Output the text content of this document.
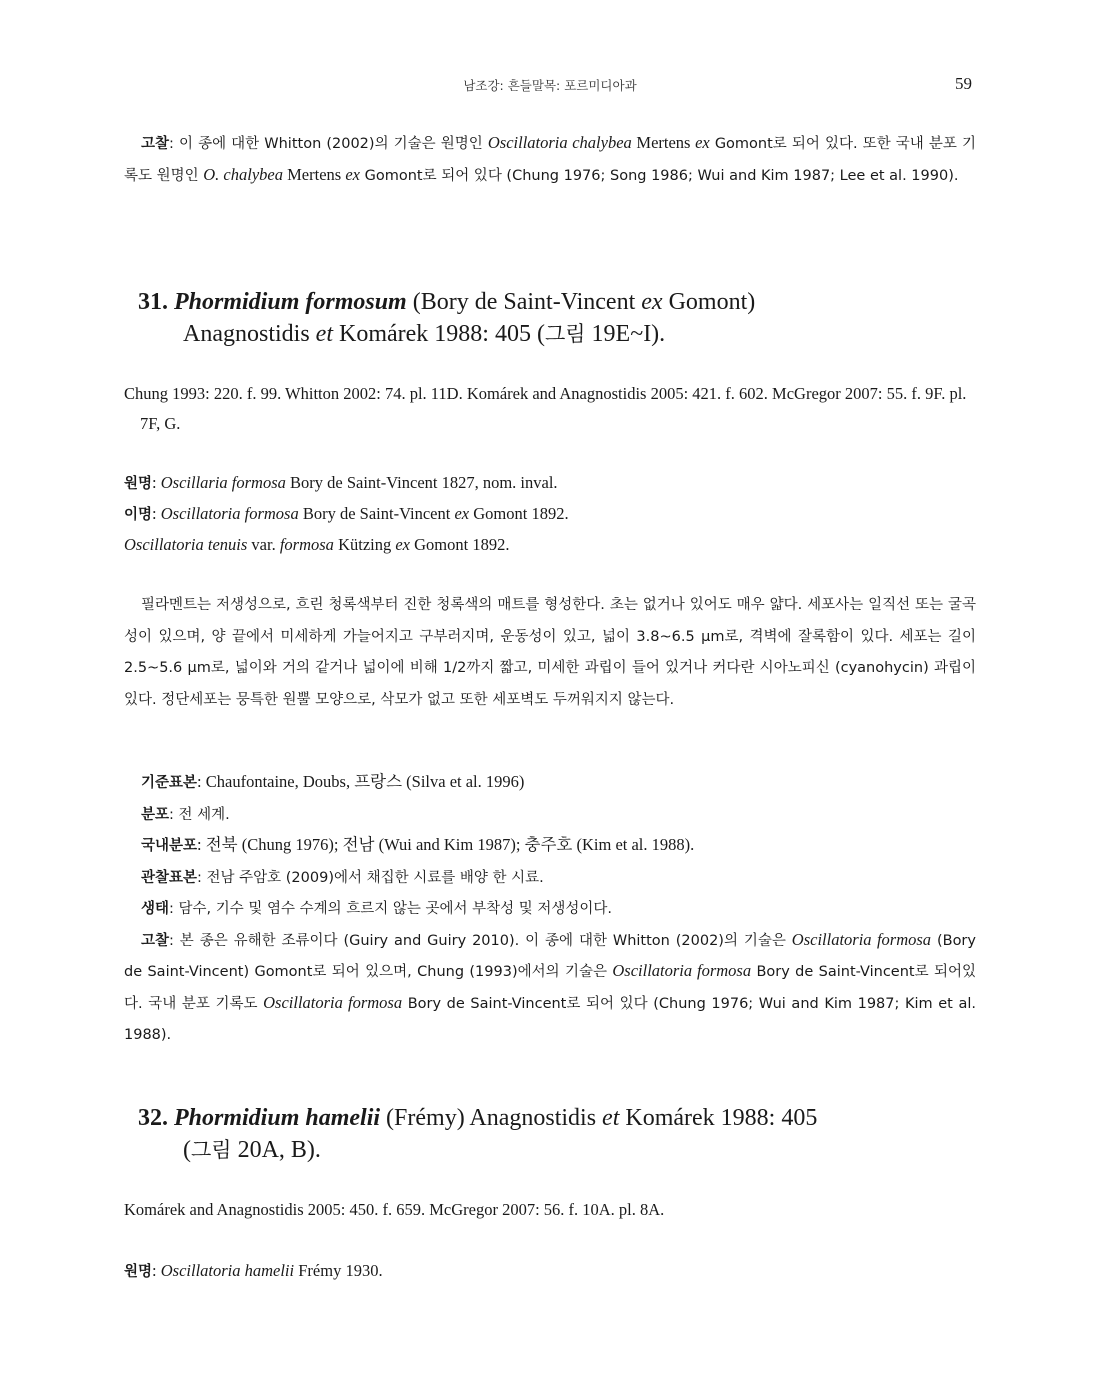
남조강: 흔들말목: 포르미디아과	59
고찰: 이 종에 대한 Whitton (2002)의 기술은 원명인 Oscillatoria chalybea Mertens ex Gomont로 되어 있다. 또한 국내 분포 기록도 원명인 O. chalybea Mertens ex Gomont로 되어 있다 (Chung 1976; Song 1986; Wui and Kim 1987; Lee et al. 1990).
31. Phormidium formosum (Bory de Saint-Vincent ex Gomont)
Anagnostidis et Komárek 1988: 405 (그림 19E~I).
Chung 1993: 220. f. 99. Whitton 2002: 74. pl. 11D. Komárek and Anagnostidis 2005: 421. f. 602. McGregor 2007: 55. f. 9F. pl. 7F, G.
원명: Oscillaria formosa Bory de Saint-Vincent 1827, nom. inval.
이명: Oscillatoria formosa Bory de Saint-Vincent ex Gomont 1892.
Oscillatoria tenuis var. formosa Kützing ex Gomont 1892.
필라멘트는 저생성으로, 흐린 청록색부터 진한 청록색의 매트를 형성한다. 초는 없거나 있어도 매우 얇다. 세포사는 일직선 또는 굴곡성이 있으며, 양 끝에서 미세하게 가늘어지고 구부러지며, 운동성이 있고, 넓이 3.8~6.5 μm로, 격벽에 잘록함이 있다. 세포는 길이 2.5~5.6 μm로, 넓이와 거의 같거나 넓이에 비해 1/2까지 짧고, 미세한 과립이 들어 있거나 커다란 시아노피신 (cyanohycin) 과립이 있다. 정단세포는 뭉특한 원뿔 모양으로, 삭모가 없고 또한 세포벽도 두꺼워지지 않는다.
기준표본: Chaufontaine, Doubs, 프랑스 (Silva et al. 1996)
분포: 전 세계.
국내분포: 전북 (Chung 1976); 전남 (Wui and Kim 1987); 충주호 (Kim et al. 1988).
관찰표본: 전남 주암호 (2009)에서 채집한 시료를 배양 한 시료.
생태: 담수, 기수 및 염수 수계의 흐르지 않는 곳에서 부착성 및 저생성이다.
고찰: 본 종은 유해한 조류이다 (Guiry and Guiry 2010). 이 종에 대한 Whitton (2002)의 기술은 Oscillatoria formosa (Bory de Saint-Vincent) Gomont로 되어 있으며, Chung (1993)에서의 기술은 Oscillatoria formosa Bory de Saint-Vincent로 되어있다. 국내 분포 기록도 Oscillatoria formosa Bory de Saint-Vincent로 되어 있다 (Chung 1976; Wui and Kim 1987; Kim et al. 1988).
32. Phormidium hamelii (Frémy) Anagnostidis et Komárek 1988: 405
(그림 20A, B).
Komárek and Anagnostidis 2005: 450. f. 659. McGregor 2007: 56. f. 10A. pl. 8A.
원명: Oscillatoria hamelii Frémy 1930.
